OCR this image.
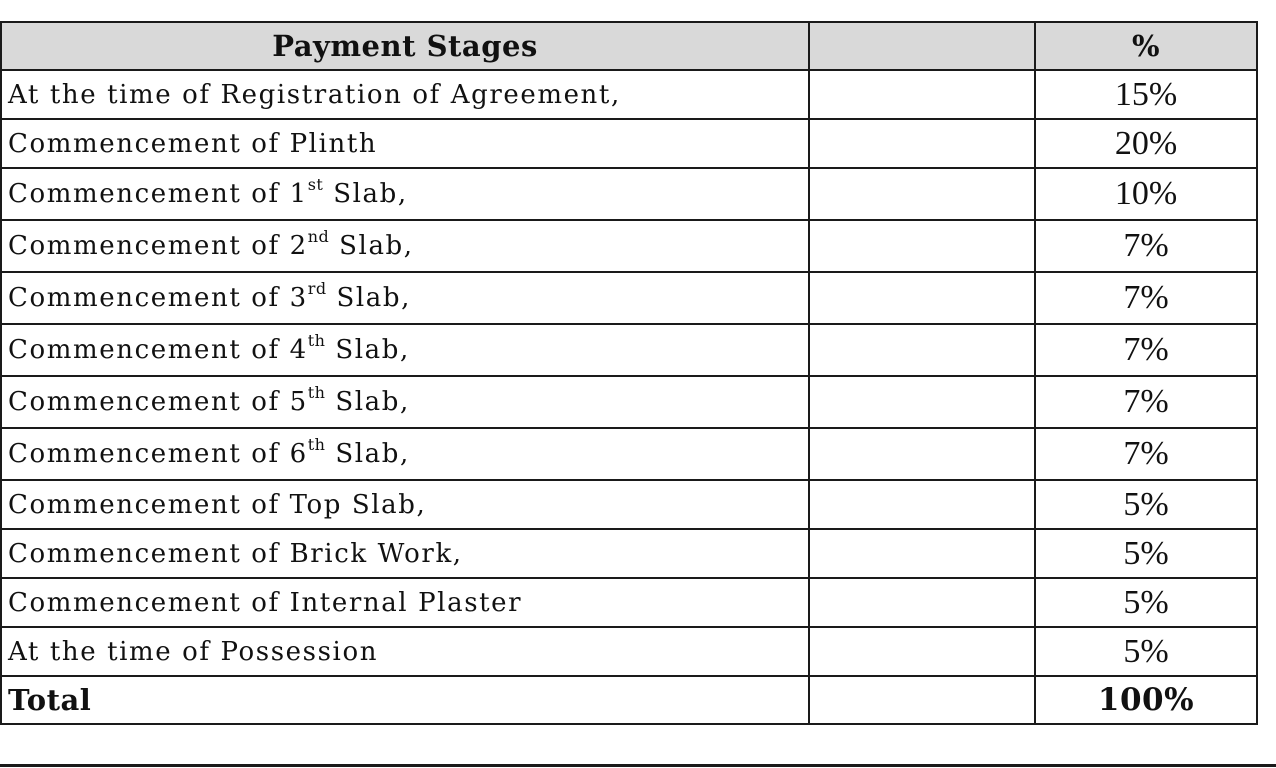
Payment Stages		%
At the time of Registration of Agreement,		15%
Commencement of Plinth		20%
Commencement of 1st Slab,		10%
Commencement of 2nd Slab,		7%
Commencement of 3rd Slab,		7%
Commencement of 4th Slab,		7%
Commencement of 5th Slab,		7%
Commencement of 6th Slab,		7%
Commencement of Top Slab,		5%
Commencement of Brick Work,		5%
Commencement of Internal Plaster		5%
At the time of Possession		5%
Total		100%
